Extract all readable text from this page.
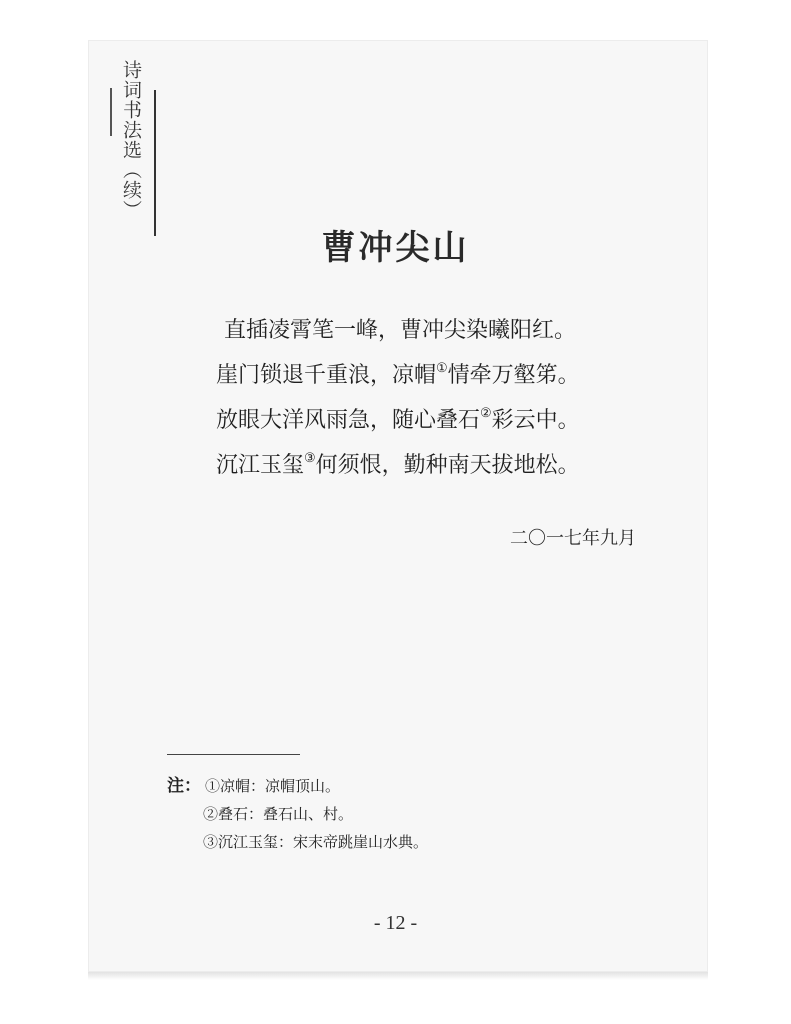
诗词书法选（续）
曹冲尖山
直插凌霄笔一峰，曹冲尖染曦阳红。
崖门锁退千重浪，凉帽①情牵万壑笫。
放眼大洋风雨急，随心叠石②彩云中。
沉江玉玺③何须恨，勤种南天拔地松。
二〇一七年九月
注： ①凉帽：凉帽顶山。
②叠石：叠石山、村。
③沉江玉玺：宋末帝跳崖山水典。
- 12 -
